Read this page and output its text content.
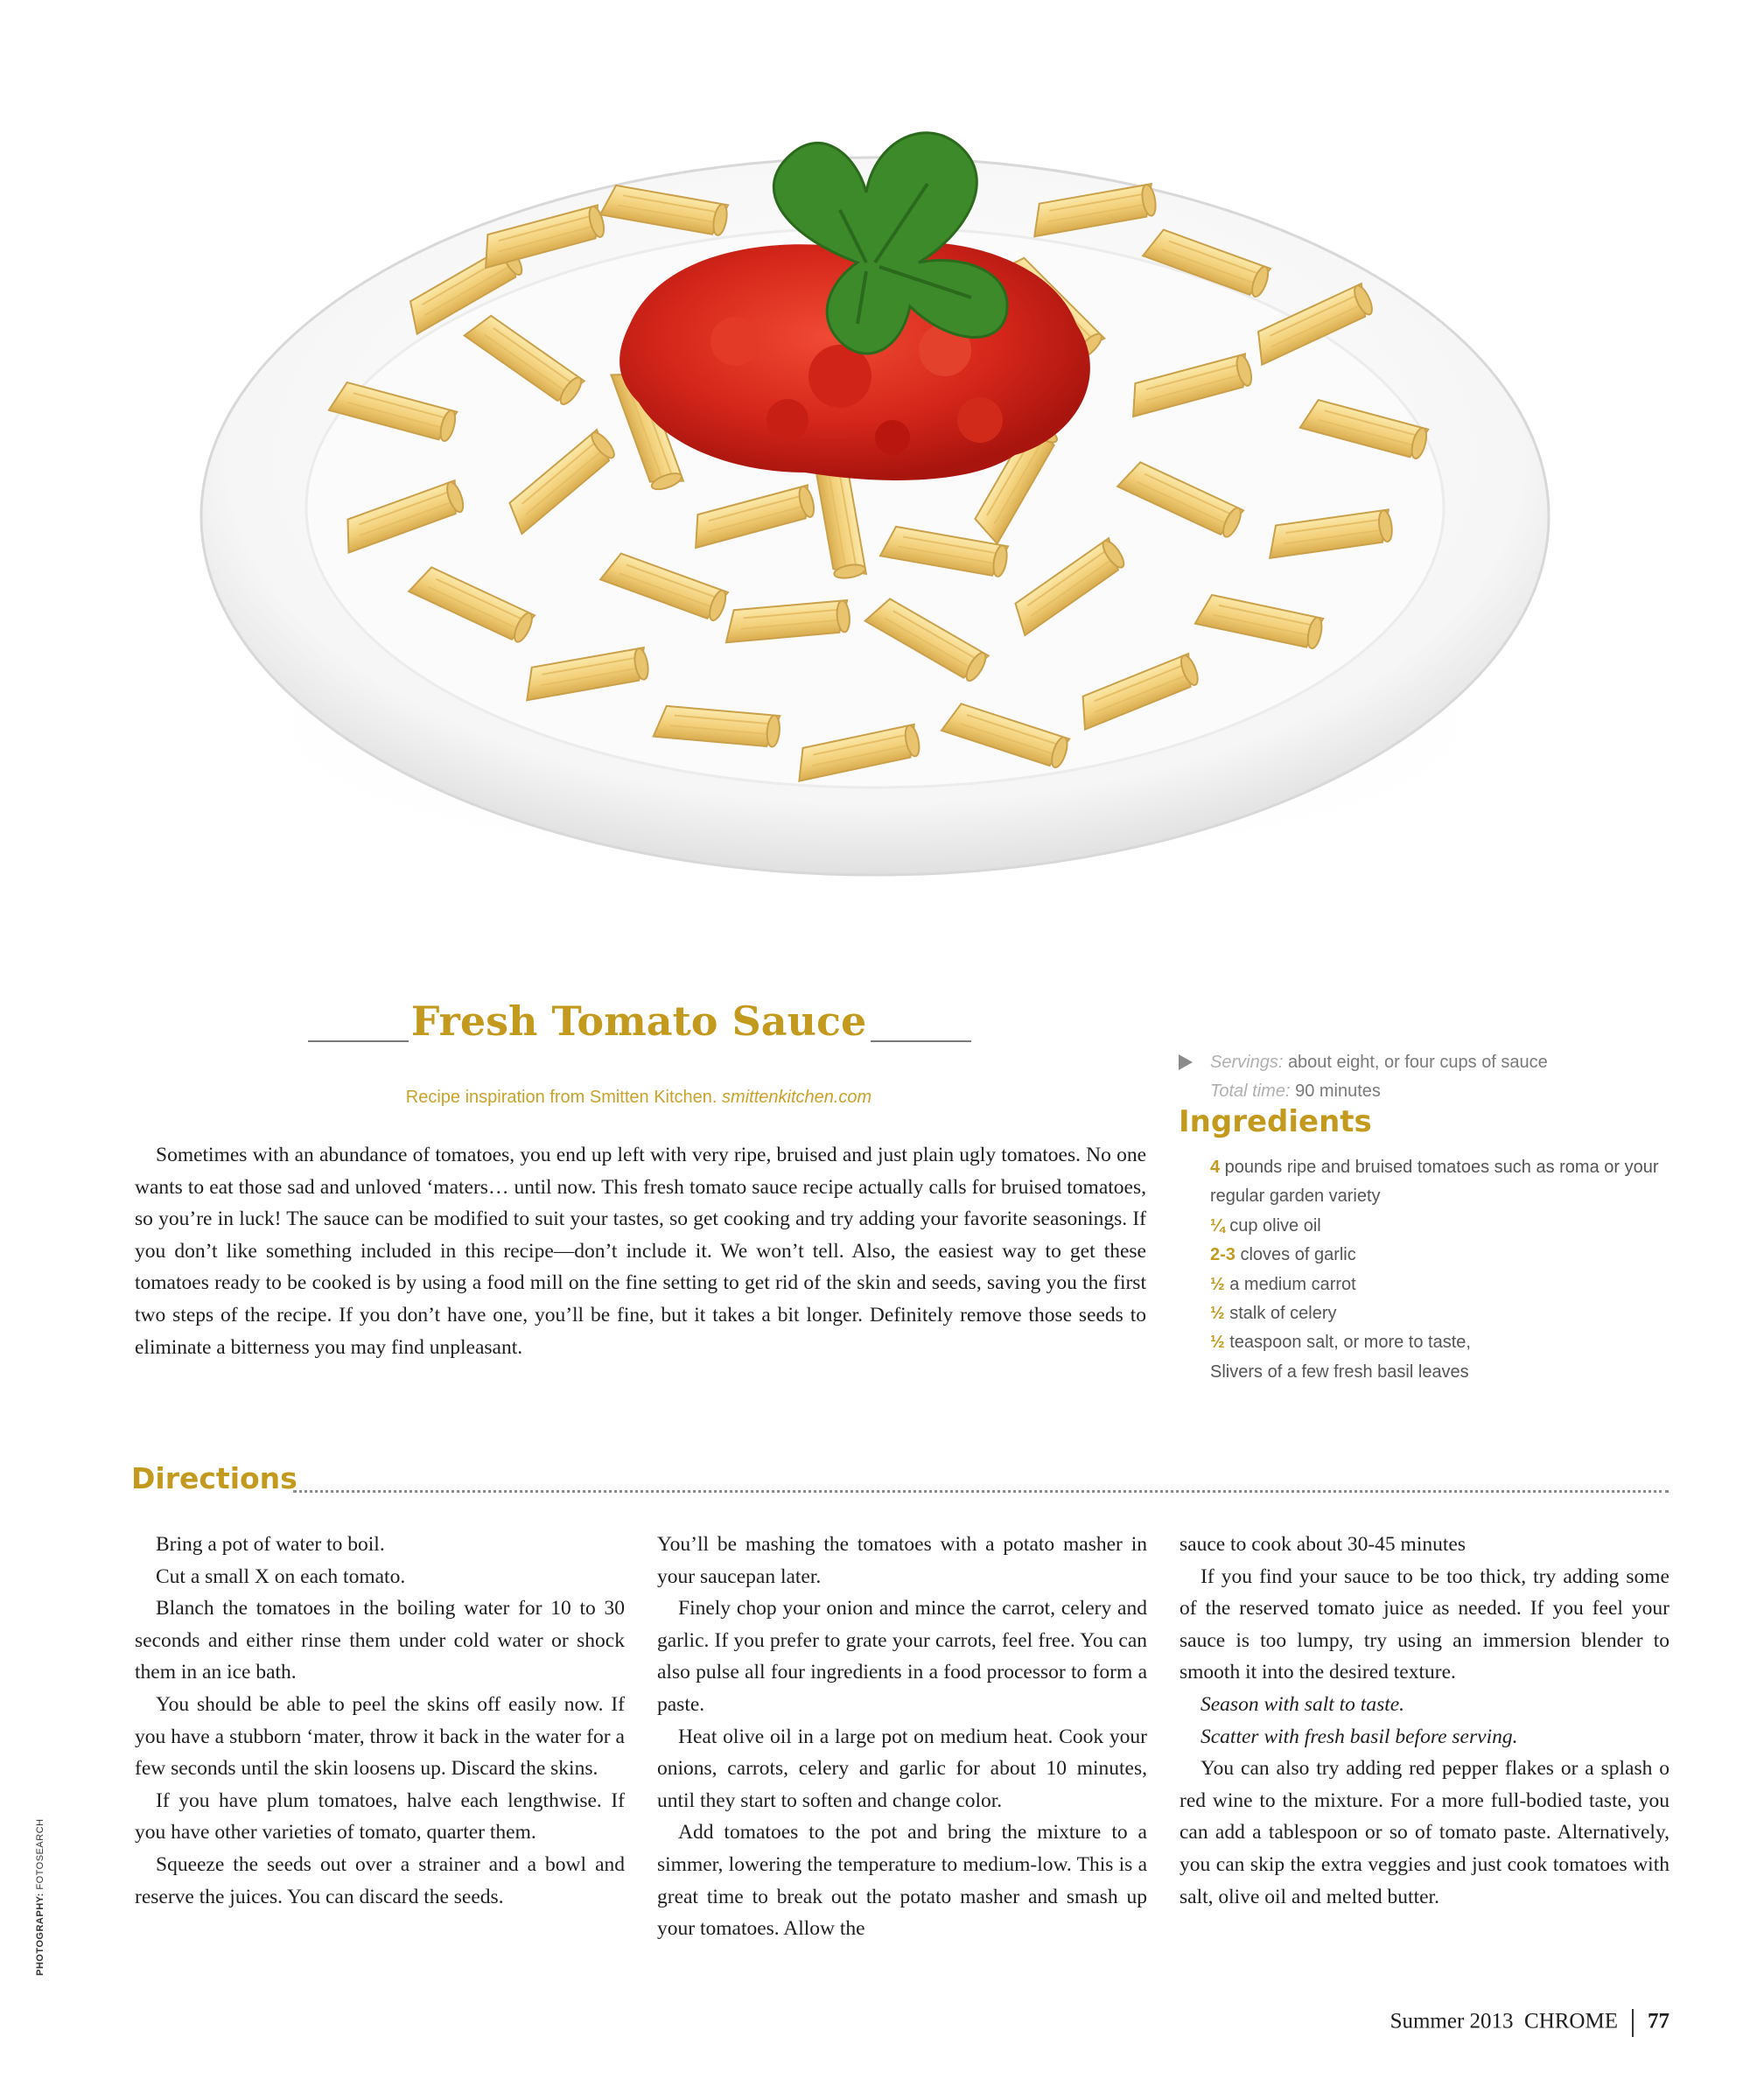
Fresh Tomato Sauce
Recipe inspiration from Smitten Kitchen. smittenkitchen.com

Sometimes with an abundance of tomatoes, you end up left with very ripe, bruised and just plain ugly tomatoes. No one wants to eat those sad and unloved ‘maters… until now. This fresh tomato sauce recipe actually calls for bruised tomatoes, so you’re in luck! The sauce can be modified to suit your tastes, so get cooking and try adding your favorite seasonings. If you don’t like something included in this recipe—don’t include it. We won’t tell. Also, the easiest way to get these tomatoes ready to be cooked is by using a food mill on the fine setting to get rid of the skin and seeds, saving you the first two steps of the recipe. If you don’t have one, you’ll be fine, but it takes a bit longer. Definitely remove those seeds to eliminate a bitterness you may find unpleasant.

Servings: about eight, or four cups of sauce
Total time: 90 minutes
Ingredients
4 pounds ripe and bruised tomatoes such as roma or your regular garden variety
¼ cup olive oil
2-3 cloves of garlic
½ a medium carrot
½ stalk of celery
½ teaspoon salt, or more to taste,
Slivers of a few fresh basil leaves
Directions

Bring a pot of water to boil.

Cut a small X on each tomato.

Blanch the tomatoes in the boiling water for 10 to 30 seconds and either rinse them under cold water or shock them in an ice bath.

You should be able to peel the skins off easily now. If you have a stubborn ‘mater, throw it back in the water for a few seconds until the skin loosens up. Discard the skins.

If you have plum tomatoes, halve each lengthwise. If you have other varieties of tomato, quarter them.

Squeeze the seeds out over a strainer and a bowl and reserve the juices. You can discard the seeds.

You’ll be mashing the tomatoes with a potato masher in your saucepan later.

Finely chop your onion and mince the carrot, celery and garlic. If you prefer to grate your carrots, feel free. You can also pulse all four ingredients in a food processor to form a paste.

Heat olive oil in a large pot on medium heat. Cook your onions, carrots, celery and garlic for about 10 minutes, until they start to soften and change color.

Add tomatoes to the pot and bring the mixture to a simmer, lowering the temperature to medium-low. This is a great time to break out the potato masher and smash up your tomatoes. Allow the

sauce to cook about 30-45 minutes

If you find your sauce to be too thick, try adding some of the reserved tomato juice as needed. If you feel your sauce is too lumpy, try using an immersion blender to smooth it into the desired texture.

Season with salt to taste.

Scatter with fresh basil before serving.

You can also try adding red pepper flakes or a splash o red wine to the mixture. For a more full-bodied taste, you can add a tablespoon or so of tomato paste. Alternatively, you can skip the extra veggies and just cook tomatoes with salt, olive oil and melted butter.

PHOTOGRAPHY: FOTOSEARCH
Summer 2013 CHROME 77
